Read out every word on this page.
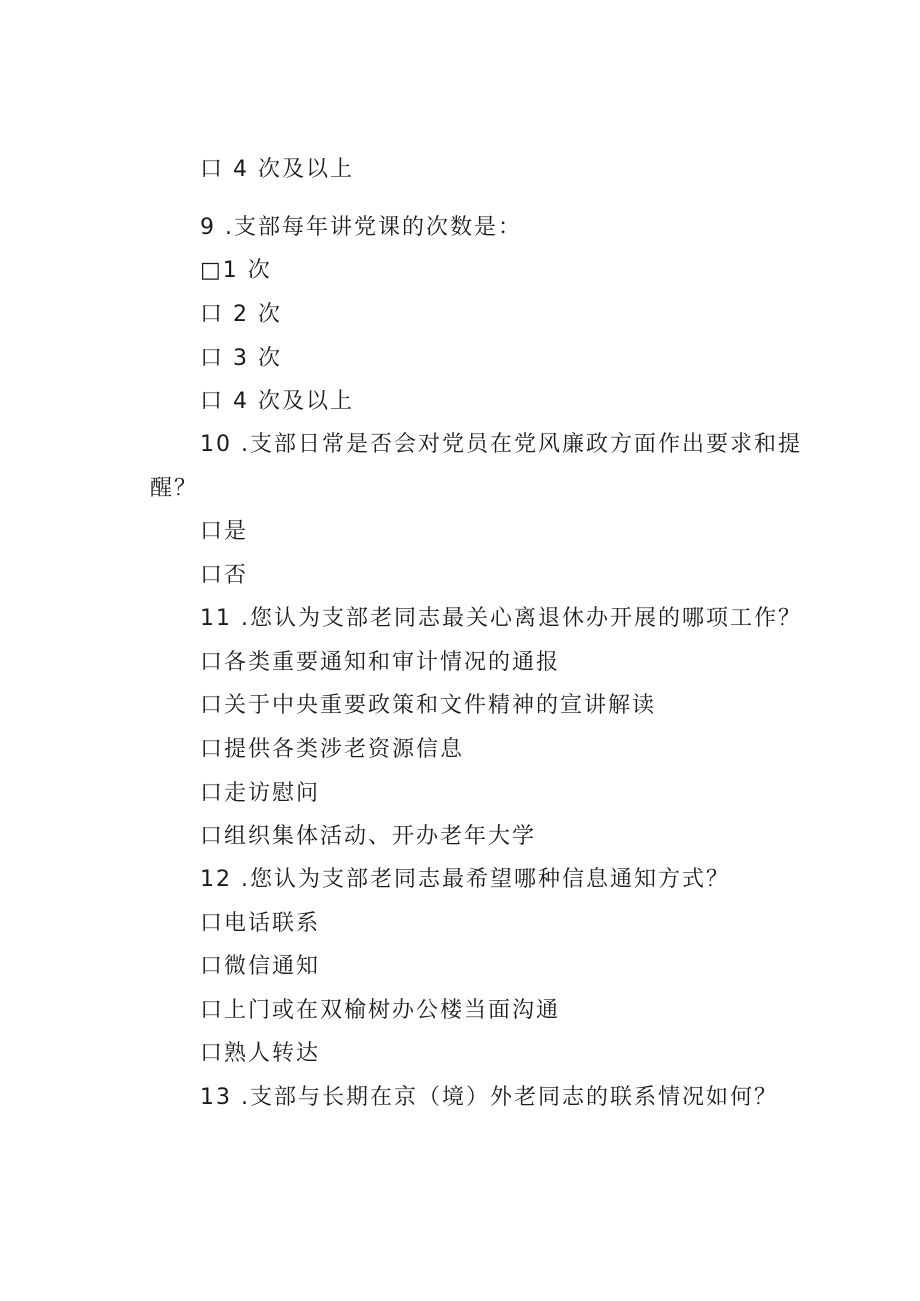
口 4 次及以上
9 .支部每年讲党课的次数是：
□1 次
口 2 次
口 3 次
口 4 次及以上
10 .支部日常是否会对党员在党风廉政方面作出要求和提
醒？
口是
口否
11 .您认为支部老同志最关心离退休办开展的哪项工作？
口各类重要通知和审计情况的通报
口关于中央重要政策和文件精神的宣讲解读
口提供各类涉老资源信息
口走访慰问
口组织集体活动、开办老年大学
12 .您认为支部老同志最希望哪种信息通知方式？
口电话联系
口微信通知
口上门或在双榆树办公楼当面沟通
口熟人转达
13 .支部与长期在京（境）外老同志的联系情况如何？
